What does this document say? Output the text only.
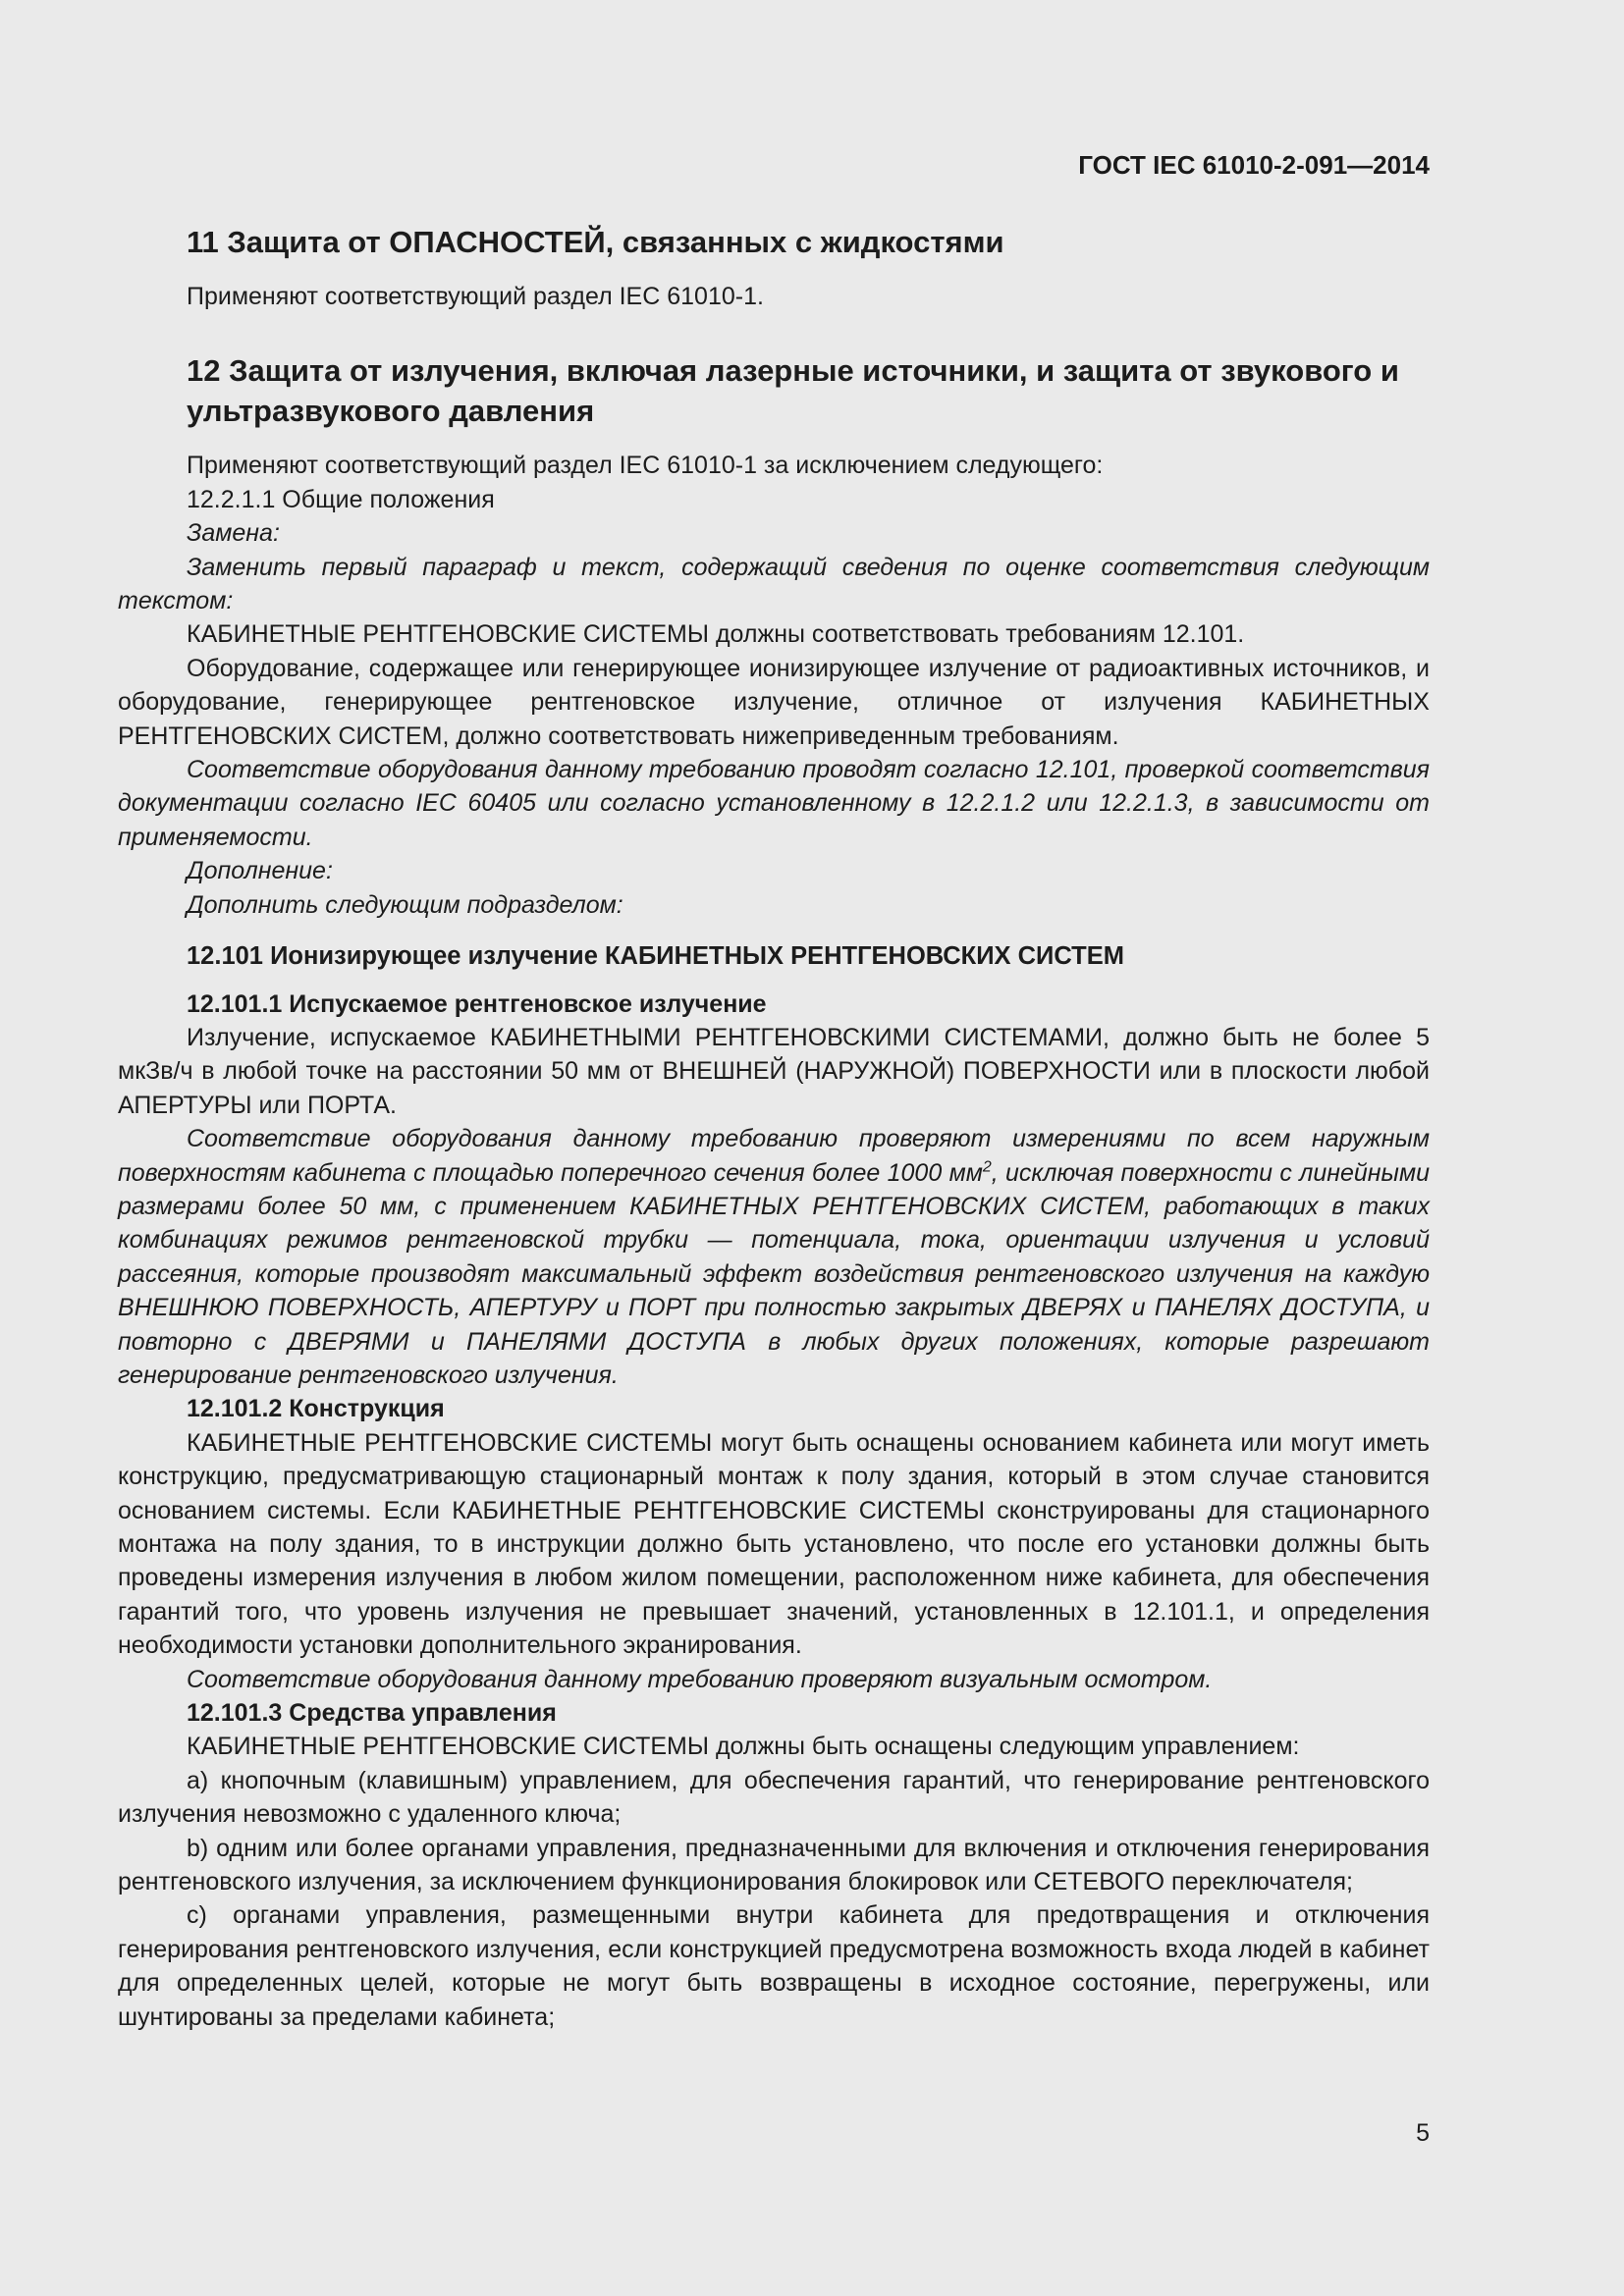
ГОСТ IEC 61010-2-091—2014
11 Защита от ОПАСНОСТЕЙ, связанных с жидкостями

Применяют соответствующий раздел IEC 61010-1.

12 Защита от излучения, включая лазерные источники, и защита от звукового и ультразвукового давления

Применяют соответствующий раздел IEC 61010-1 за исключением следующего:

12.2.1.1 Общие положения

Замена:

Заменить первый параграф и текст, содержащий сведения по оценке соответствия следующим текстом:

КАБИНЕТНЫЕ РЕНТГЕНОВСКИЕ СИСТЕМЫ должны соответствовать требованиям 12.101.

Оборудование, содержащее или генерирующее ионизирующее излучение от радиоактивных источников, и оборудование, генерирующее рентгеновское излучение, отличное от излучения КАБИНЕТНЫХ РЕНТГЕНОВСКИХ СИСТЕМ, должно соответствовать нижеприведенным требованиям.

Соответствие оборудования данному требованию проводят согласно 12.101, проверкой соответствия документации согласно IEC 60405 или согласно установленному в 12.2.1.2 или 12.2.1.3, в зависимости от применяемости.

Дополнение:

Дополнить следующим подразделом:

12.101 Ионизирующее излучение КАБИНЕТНЫХ РЕНТГЕНОВСКИХ СИСТЕМ
12.101.1 Испускаемое рентгеновское излучение

Излучение, испускаемое КАБИНЕТНЫМИ РЕНТГЕНОВСКИМИ СИСТЕМАМИ, должно быть не более 5 мкЗв/ч в любой точке на расстоянии 50 мм от ВНЕШНЕЙ (НАРУЖНОЙ) ПОВЕРХНОСТИ или в плоскости любой АПЕРТУРЫ или ПОРТА.

Соответствие оборудования данному требованию проверяют измерениями по всем наружным поверхностям кабинета с площадью поперечного сечения более 1000 $мм^2$, исключая поверхности с линейными размерами более 50 мм, с применением КАБИНЕТНЫХ РЕНТГЕНОВСКИХ СИСТЕМ, работающих в таких комбинациях режимов рентгеновской трубки — потенциала, тока, ориентации излучения и условий рассеяния, которые производят максимальный эффект воздействия рентгеновского излучения на каждую ВНЕШНЮЮ ПОВЕРХНОСТЬ, АПЕРТУРУ и ПОРТ при полностью закрытых ДВЕРЯХ и ПАНЕЛЯХ ДОСТУПА, и повторно с ДВЕРЯМИ и ПАНЕЛЯМИ ДОСТУПА в любых других положениях, которые разрешают генерирование рентгеновского излучения.

12.101.2 Конструкция

КАБИНЕТНЫЕ РЕНТГЕНОВСКИЕ СИСТЕМЫ могут быть оснащены основанием кабинета или могут иметь конструкцию, предусматривающую стационарный монтаж к полу здания, который в этом случае становится основанием системы. Если КАБИНЕТНЫЕ РЕНТГЕНОВСКИЕ СИСТЕМЫ сконструированы для стационарного монтажа на полу здания, то в инструкции должно быть установлено, что после его установки должны быть проведены измерения излучения в любом жилом помещении, расположенном ниже кабинета, для обеспечения гарантий того, что уровень излучения не превышает значений, установленных в 12.101.1, и определения необходимости установки дополнительного экранирования.

Соответствие оборудования данному требованию проверяют визуальным осмотром.

12.101.3 Средства управления

КАБИНЕТНЫЕ РЕНТГЕНОВСКИЕ СИСТЕМЫ должны быть оснащены следующим управлением:

a) кнопочным (клавишным) управлением, для обеспечения гарантий, что генерирование рентгеновского излучения невозможно с удаленного ключа;

b) одним или более органами управления, предназначенными для включения и отключения генерирования рентгеновского излучения, за исключением функционирования блокировок или СЕТЕВОГО переключателя;

c) органами управления, размещенными внутри кабинета для предотвращения и отключения генерирования рентгеновского излучения, если конструкцией предусмотрена возможность входа людей в кабинет для определенных целей, которые не могут быть возвращены в исходное состояние, перегружены, или шунтированы за пределами кабинета;

5
